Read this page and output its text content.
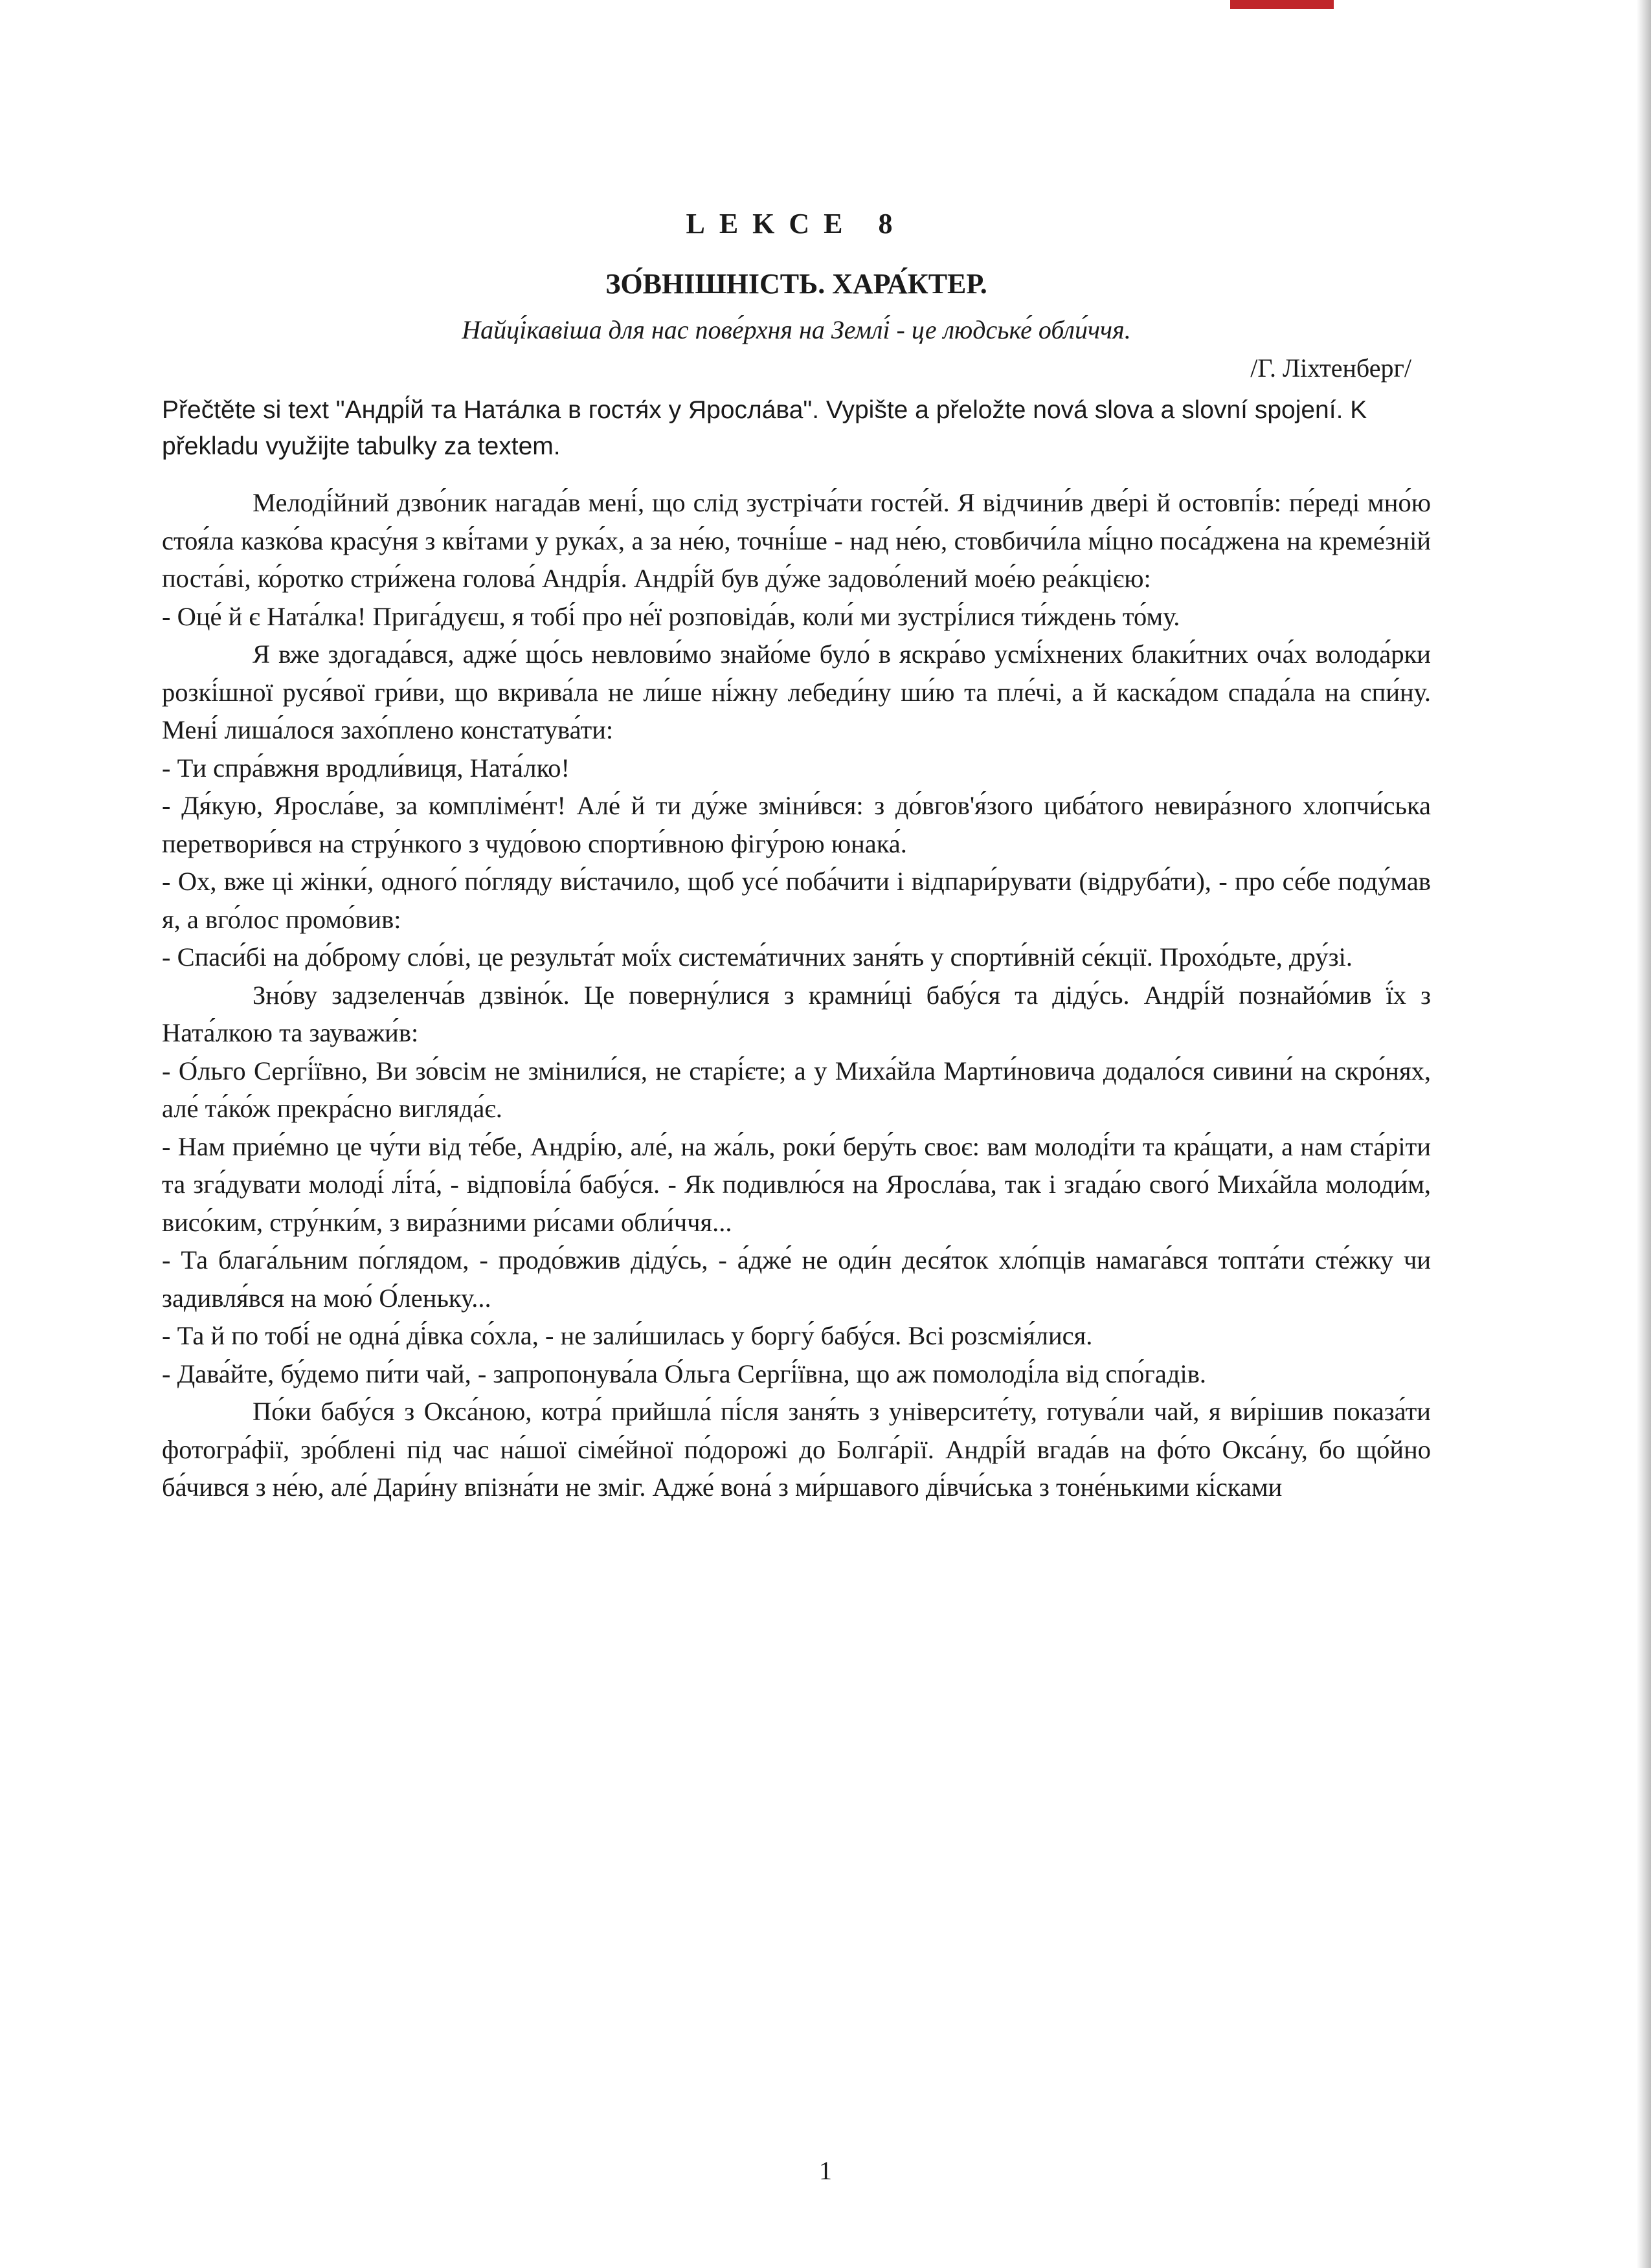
LEKCE 8
ЗО́ВНІШНІСТЬ. ХАРА́КТЕР.
Найці́кавіша для нас пове́рхня на Землі́ - це людське́ обли́ччя.
/Г. Ліхтенберг/
Přečtěte si text "Андрі́й та Ната́лка в гостя́х у Яросла́ва". Vypište a přeložte nová slova a slovní spojení. K překladu využijte tabulky za textem.

Мелоді́йний дзво́ник нагада́в мені́, що слід зустріча́ти госте́й. Я відчини́в две́рі й остовпі́в: пе́реді мно́ю стоя́ла казко́ва красу́ня з кві́тами у рука́х, а за не́ю, точні́ше - над не́ю, стовбичи́ла мі́цно поса́джена на креме́зній поста́ві, ко́ротко стри́жена голова́ Андрі́я. Андрі́й був ду́же задово́лений мое́ю реа́кцією:

- Оце́ й є Ната́лка! Прига́дуєш, я тобі́ про не́ї розповіда́в, коли́ ми зустрі́лися ти́ждень то́му.

Я вже здогада́вся, адже́ що́сь невлови́мо знайо́ме було́ в яскра́во усмі́хнених блаки́тних оча́х волода́рки розкі́шної руся́вої гри́ви, що вкрива́ла не ли́ше ні́жну лебеди́ну ши́ю та пле́чі, а й каска́дом спада́ла на спи́ну. Мені́ лиша́лося захо́плено констатува́ти:

- Ти спра́вжня вродли́виця, Ната́лко!

- Дя́кую, Яросла́ве, за компліме́нт! Але́ й ти ду́же зміни́вся: з до́вгов'я́зого циба́того невира́зного хлопчи́ська перетвори́вся на стру́нкого з чудо́вою спорти́вною фігу́рою юнака́.

- Ох, вже ці жінки́, одного́ по́гляду ви́стачило, щоб усе́ поба́чити і відпари́рувати (відруба́ти), - про се́бе поду́мав я, а вго́лос промо́вив:

- Спаси́бі на до́брому сло́ві, це результа́т мої́х система́тичних заня́ть у спорти́вній се́кції. Прохо́дьте, дру́зі.

Зно́ву задзеленча́в дзвіно́к. Це поверну́лися з крамни́ці бабу́ся та діду́сь. Андрі́й познайо́мив ї́х з Ната́лкою та зауважи́в:

- О́льго Сергі́ївно, Ви зо́всім не змінили́ся, не старі́єте; а у Миха́йла Марти́новича додало́ся сивини́ на скро́нях, але́ та́ко́ж прекра́сно вигляда́є.

- Нам прие́мно це чу́ти від те́бе, Андрі́ю, але́, на жа́ль, роки́ беру́ть своє: вам молоді́ти та кра́щати, а нам ста́ріти та зга́дувати молоді́ лі́та́, - відпові́ла́ бабу́ся. - Як подивлю́ся на Яросла́ва, так і згада́ю свого́ Миха́йла молоди́м, висо́ким, стру́нки́м, з вира́зними ри́сами обли́ччя...

- Та блага́льним по́глядом, - продо́вжив діду́сь, - а́дже́ не оди́н деся́ток хло́пців намага́вся топта́ти сте́жку чи задивля́вся на мою́ О́леньку...

- Та й по тобі́ не одна́ ді́вка со́хла, - не зали́шилась у боргу́ бабу́ся. Всі розсмія́лися.

- Дава́йте, бу́демо пи́ти чай, - запропонува́ла О́льга Сергі́ївна, що аж помолоді́ла від спо́гадів.

По́ки бабу́ся з Окса́ною, котра́ прийшла́ пі́сля заня́ть з університе́ту, готува́ли чай, я ви́рішив показа́ти фотогра́фії, зро́блені під час на́шої сіме́йної по́дорожі до Болга́рії. Андрі́й вгада́в на фо́то Окса́ну, бо що́йно ба́чився з не́ю, але́ Дари́ну впізна́ти не зміг. Адже́ вона́ з ми́ршавого ді́вчи́ська з тоне́нькими кі́сками

1
